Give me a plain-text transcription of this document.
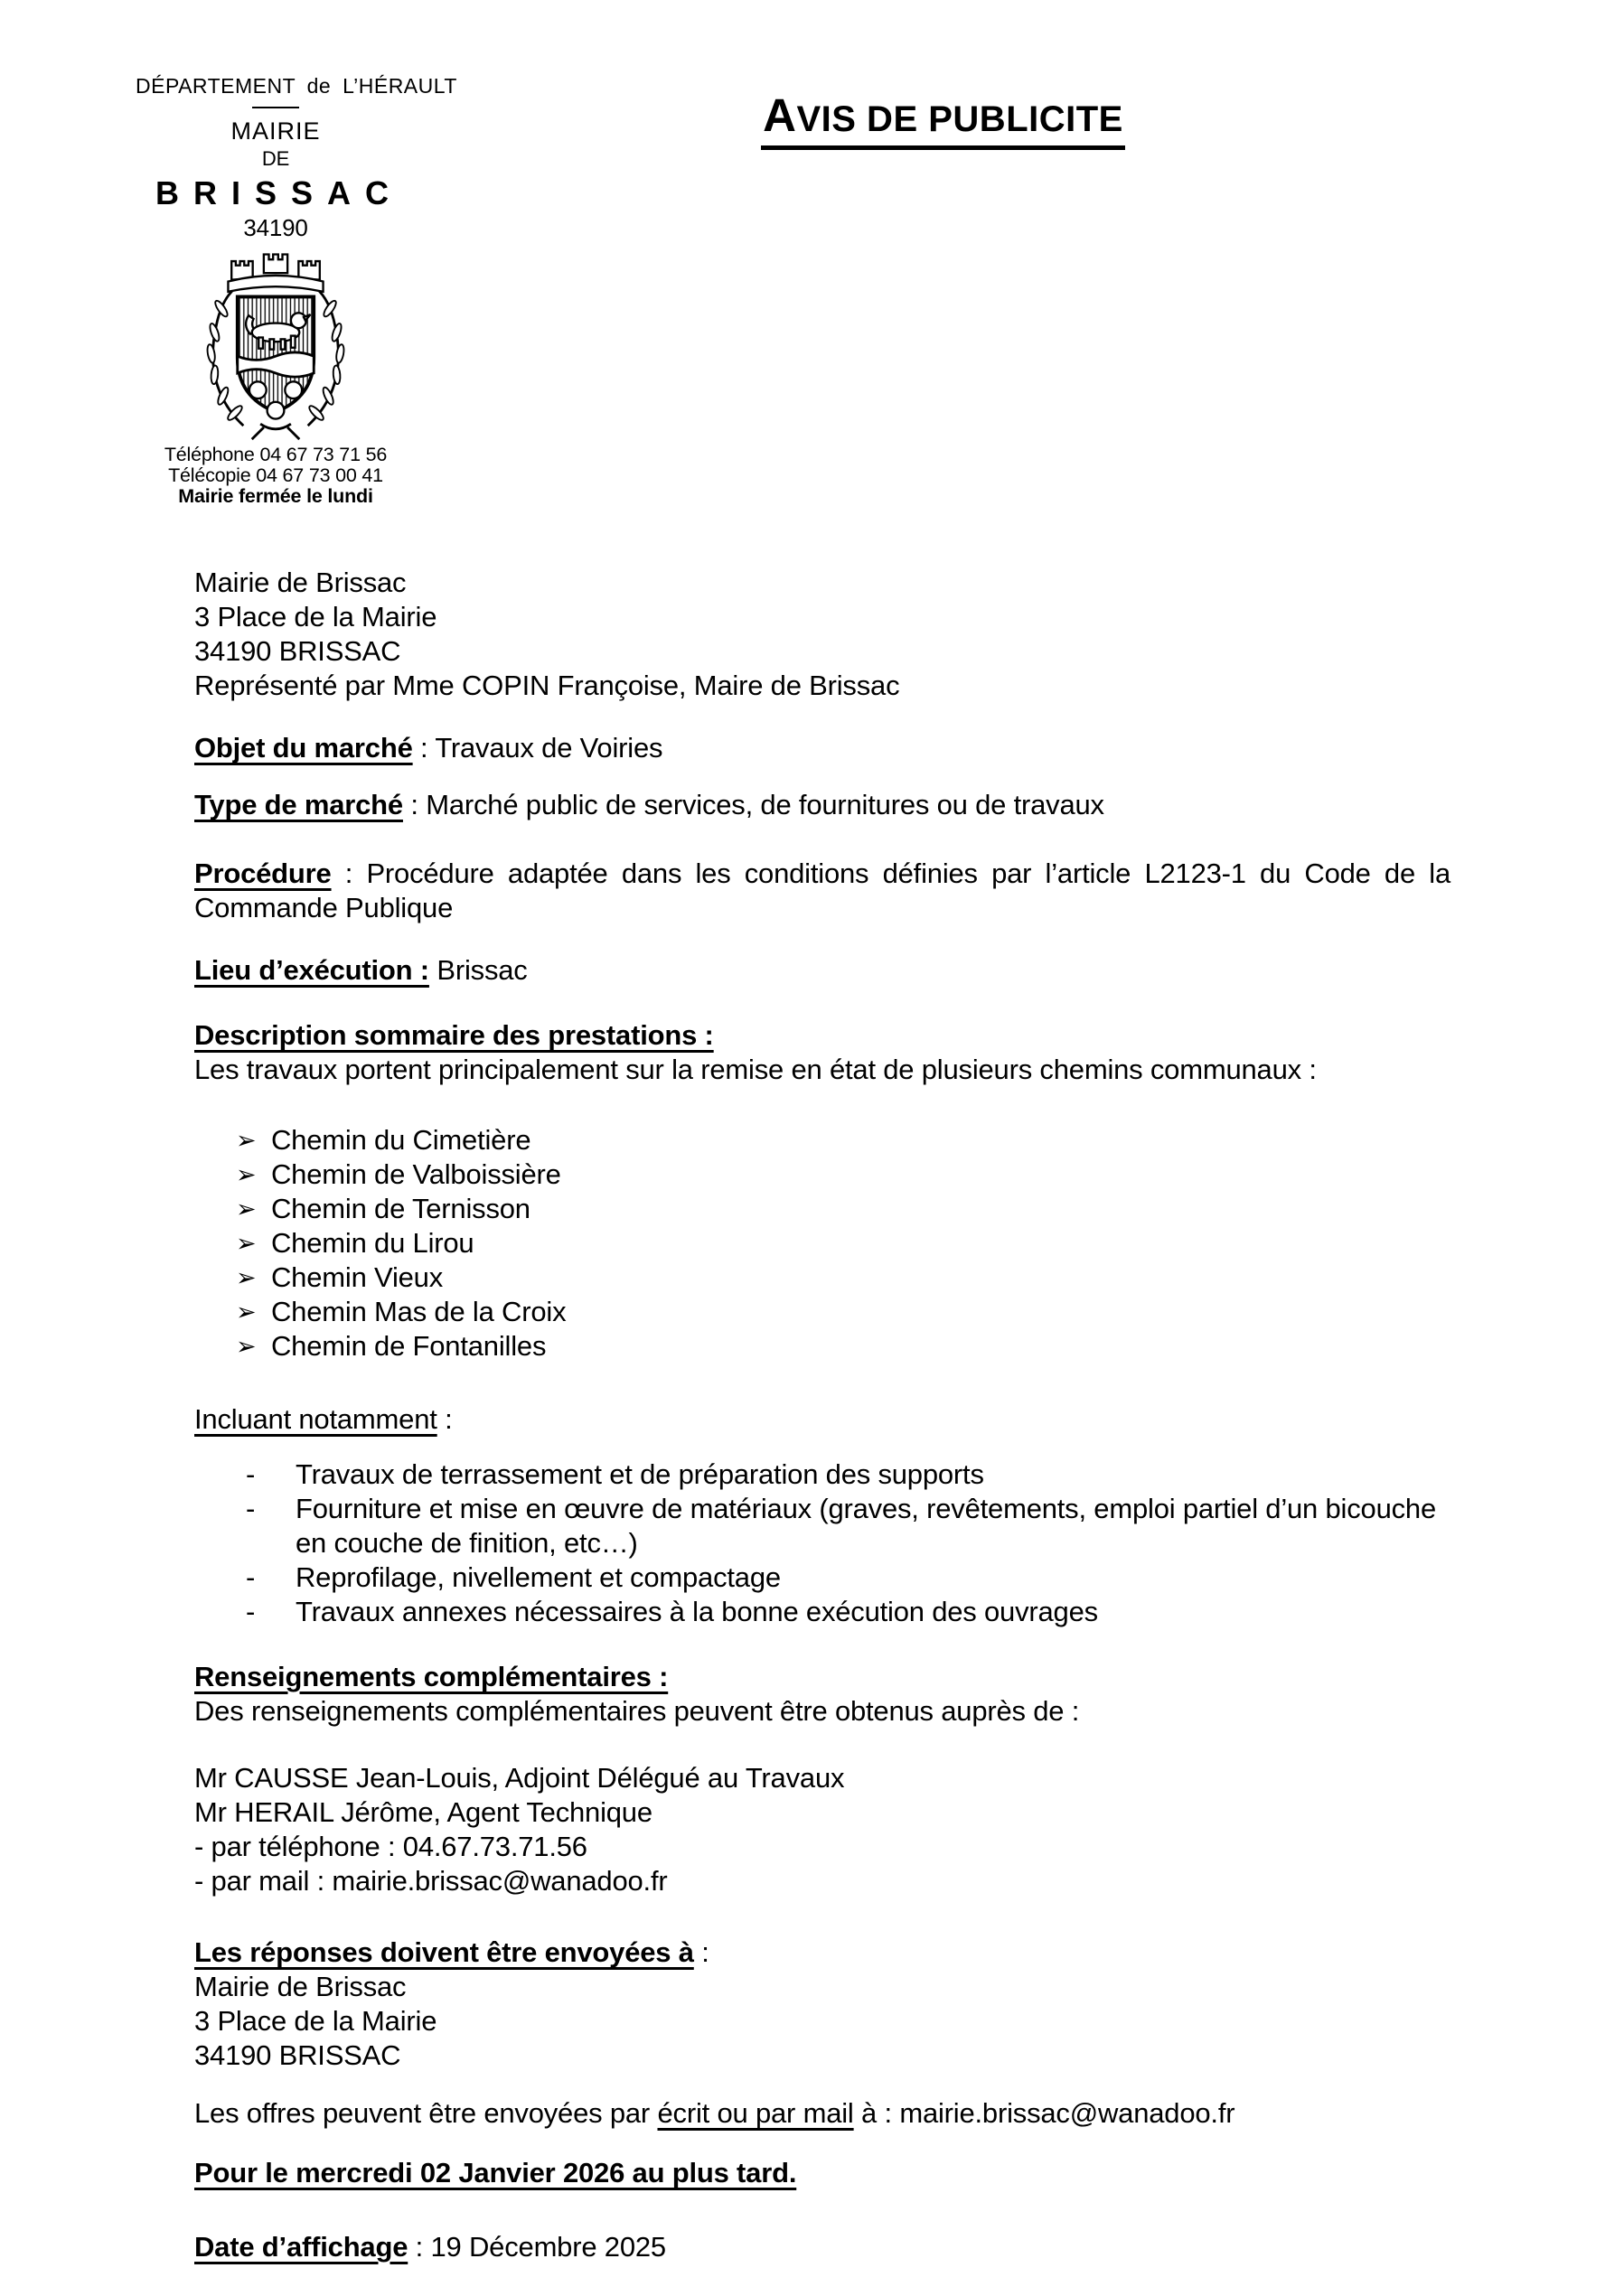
DÉPARTEMENT de L’HÉRAULT
MAIRIE
DE
BRISSAC
34190
Téléphone 04 67 73 71 56
Télécopie 04 67 73 00 41
Mairie fermée le lundi
AVIS DE PUBLICITE

Mairie de Brissac

3 Place de la Mairie

34190 BRISSAC

Représenté par Mme COPIN Françoise, Maire de Brissac

Objet du marché : Travaux de Voiries

Type de marché : Marché public de services, de fournitures ou de travaux

Procédure : Procédure adaptée dans les conditions définies par l’article L2123-1 du Code de la Commande Publique

Lieu d’exécution : Brissac

Description sommaire des prestations :

Les travaux portent principalement sur la remise en état de plusieurs chemins communaux :

➢ Chemin du Cimetière
➢ Chemin de Valboissière
➢ Chemin de Ternisson
➢ Chemin du Lirou
➢ Chemin Vieux
➢ Chemin Mas de la Croix
➢ Chemin de Fontanilles

Incluant notamment :

- Travaux de terrassement et de préparation des supports
- Fourniture et mise en œuvre de matériaux (graves, revêtements, emploi partiel d’un bicouche en couche de finition, etc…)
- Reprofilage, nivellement et compactage
- Travaux annexes nécessaires à la bonne exécution des ouvrages

Renseignements complémentaires :

Des renseignements complémentaires peuvent être obtenus auprès de :

Mr CAUSSE Jean-Louis, Adjoint Délégué au Travaux

Mr HERAIL Jérôme, Agent Technique

- par téléphone : 04.67.73.71.56

- par mail : mairie.brissac@wanadoo.fr

Les réponses doivent être envoyées à :

Mairie de Brissac

3 Place de la Mairie

34190 BRISSAC

Les offres peuvent être envoyées par écrit ou par mail à : mairie.brissac@wanadoo.fr

Pour le mercredi 02 Janvier 2026 au plus tard.

Date d’affichage : 19 Décembre 2025
